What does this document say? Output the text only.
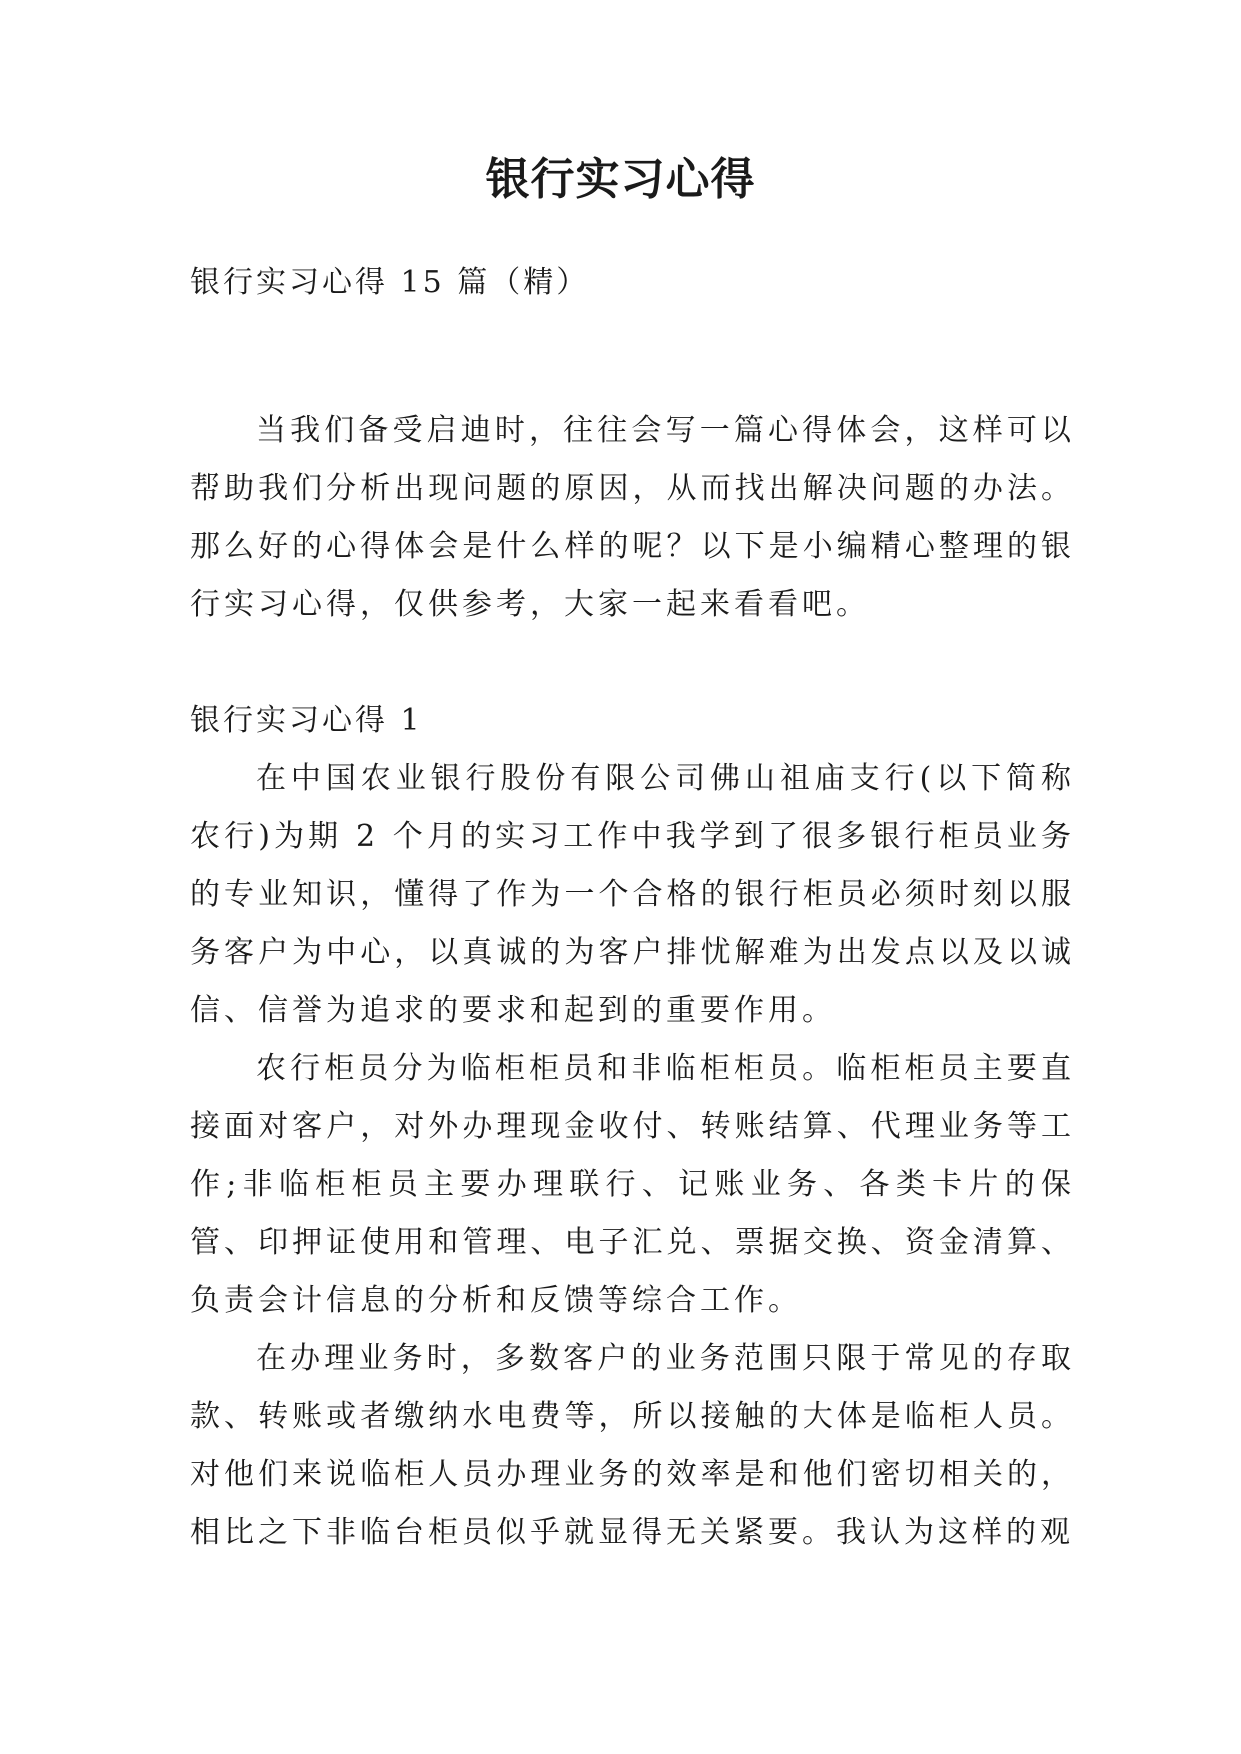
银行实习心得

银行实习心得 15 篇（精）

当我们备受启迪时，往往会写一篇心得体会，这样可以帮助我们分析出现问题的原因，从而找出解决问题的办法。那么好的心得体会是什么样的呢？以下是小编精心整理的银行实习心得，仅供参考，大家一起来看看吧。

银行实习心得 1

在中国农业银行股份有限公司佛山祖庙支行(以下简称农行)为期 2 个月的实习工作中我学到了很多银行柜员业务的专业知识，懂得了作为一个合格的银行柜员必须时刻以服务客户为中心，以真诚的为客户排忧解难为出发点以及以诚信、信誉为追求的要求和起到的重要作用。

农行柜员分为临柜柜员和非临柜柜员。临柜柜员主要直接面对客户，对外办理现金收付、转账结算、代理业务等工作;非临柜柜员主要办理联行、记账业务、各类卡片的保管、印押证使用和管理、电子汇兑、票据交换、资金清算、负责会计信息的分析和反馈等综合工作。

在办理业务时，多数客户的业务范围只限于常见的存取款、转账或者缴纳水电费等，所以接触的大体是临柜人员。对他们来说临柜人员办理业务的效率是和他们密切相关的，相比之下非临台柜员似乎就显得无关紧要。我认为这样的观
